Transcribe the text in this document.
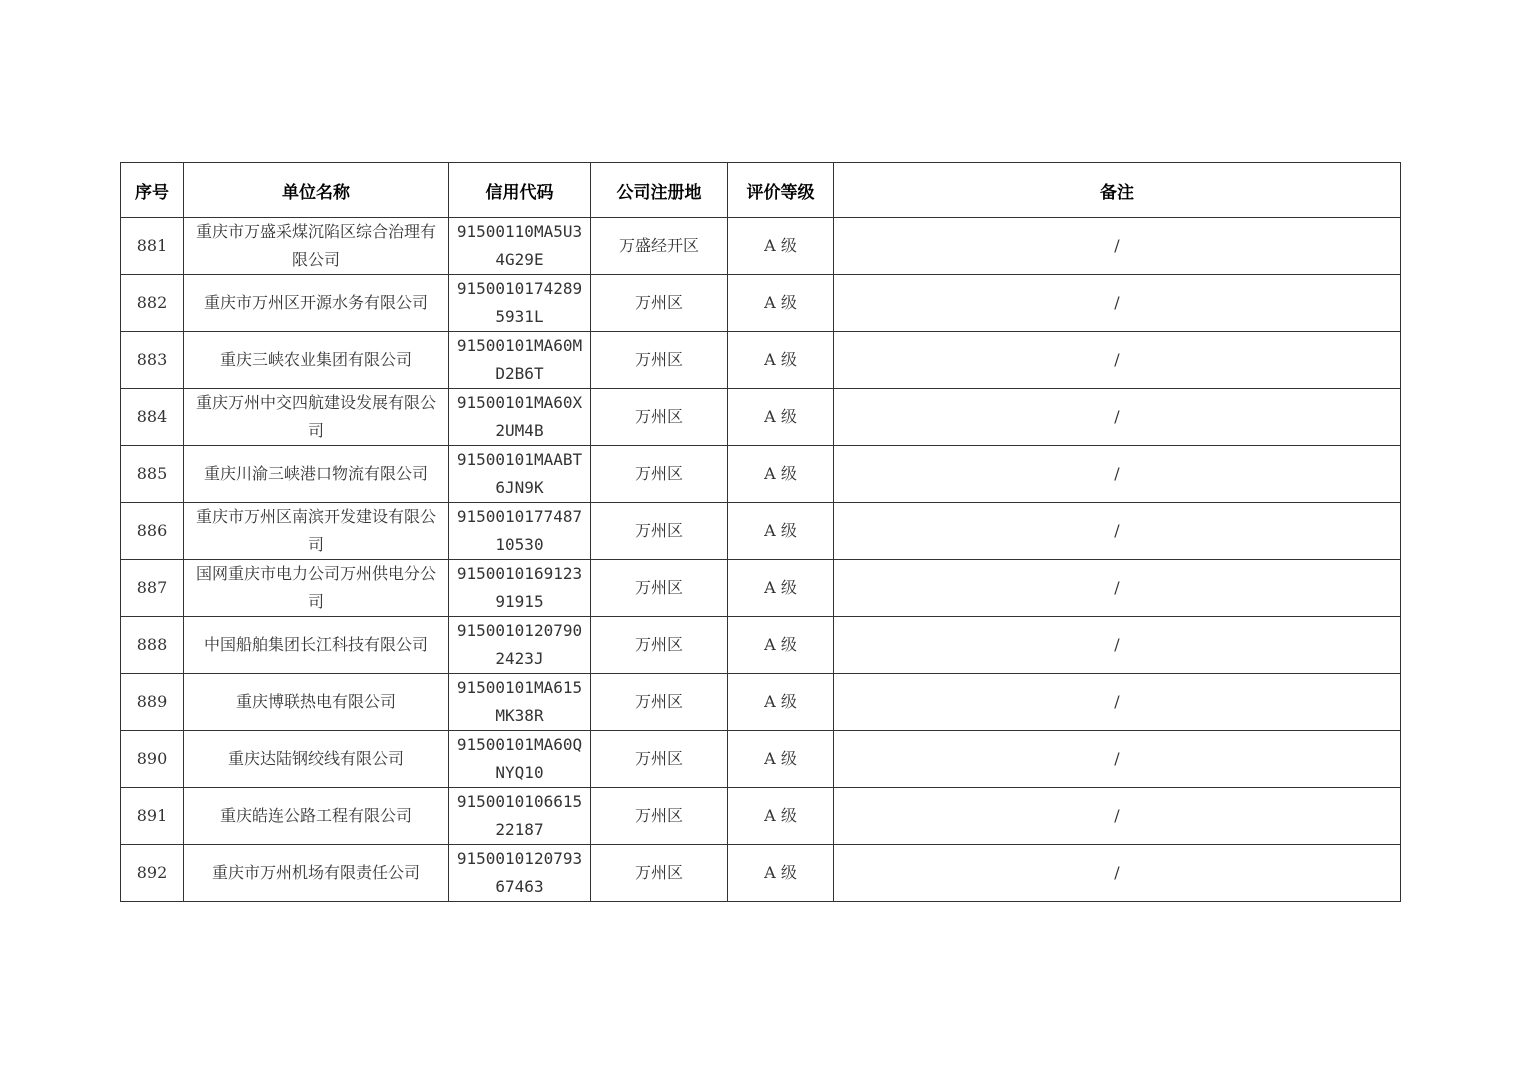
序号	单位名称	信用代码	公司注册地	评价等级	备注
881	重庆市万盛采煤沉陷区综合治理有限公司	91500110MA5U34G29E	万盛经开区	A 级	/
882	重庆市万州区开源水务有限公司	91500101742895931L	万州区	A 级	/
883	重庆三峡农业集团有限公司	91500101MA60MD2B6T	万州区	A 级	/
884	重庆万州中交四航建设发展有限公司	91500101MA60X2UM4B	万州区	A 级	/
885	重庆川渝三峡港口物流有限公司	91500101MAABT6JN9K	万州区	A 级	/
886	重庆市万州区南滨开发建设有限公司	915001017748710530	万州区	A 级	/
887	国网重庆市电力公司万州供电分公司	915001016912391915	万州区	A 级	/
888	中国船舶集团长江科技有限公司	91500101207902423J	万州区	A 级	/
889	重庆博联热电有限公司	91500101MA615MK38R	万州区	A 级	/
890	重庆达陆钢绞线有限公司	91500101MA60QNYQ10	万州区	A 级	/
891	重庆皓连公路工程有限公司	915001010661522187	万州区	A 级	/
892	重庆市万州机场有限责任公司	915001012079367463	万州区	A 级	/
